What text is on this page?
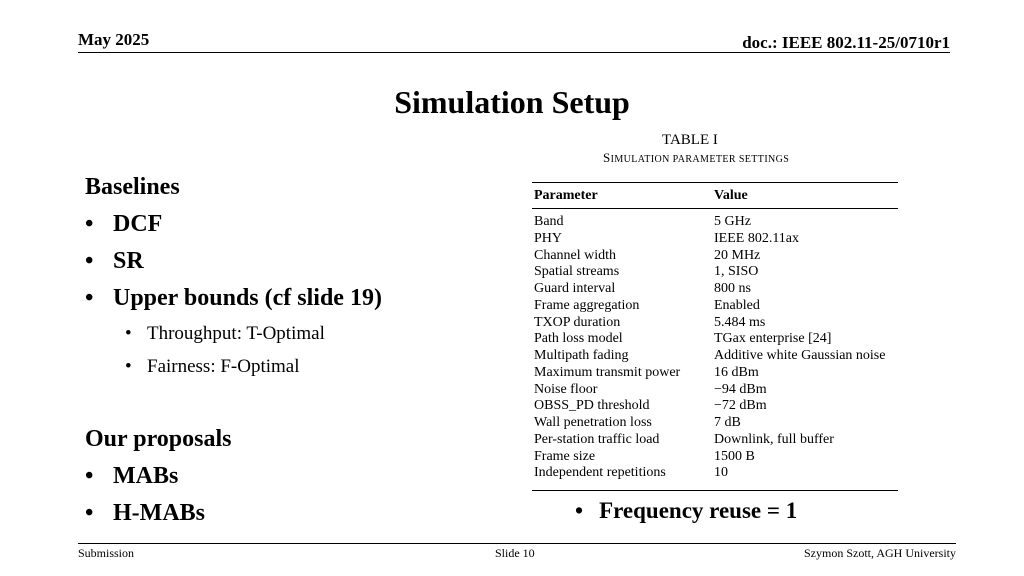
May 2025	doc.: IEEE 802.11-25/0710r1
Simulation Setup
Baselines
• DCF
• SR
• Upper bounds (cf slide 19)
• Throughput: T-Optimal
• Fairness: F-Optimal
Our proposals
• MABs
• H-MABs
TABLE I
SIMULATION PARAMETER SETTINGS
Parameter	Value
Band	5 GHz
PHY	IEEE 802.11ax
Channel width	20 MHz
Spatial streams	1, SISO
Guard interval	800 ns
Frame aggregation	Enabled
TXOP duration	5.484 ms
Path loss model	TGax enterprise [24]
Multipath fading	Additive white Gaussian noise
Maximum transmit power	16 dBm
Noise floor	−94 dBm
OBSS_PD threshold	−72 dBm
Wall penetration loss	7 dB
Per-station traffic load	Downlink, full buffer
Frame size	1500 B
Independent repetitions	10
• Frequency reuse = 1
Submission	Slide 10	Szymon Szott, AGH University
